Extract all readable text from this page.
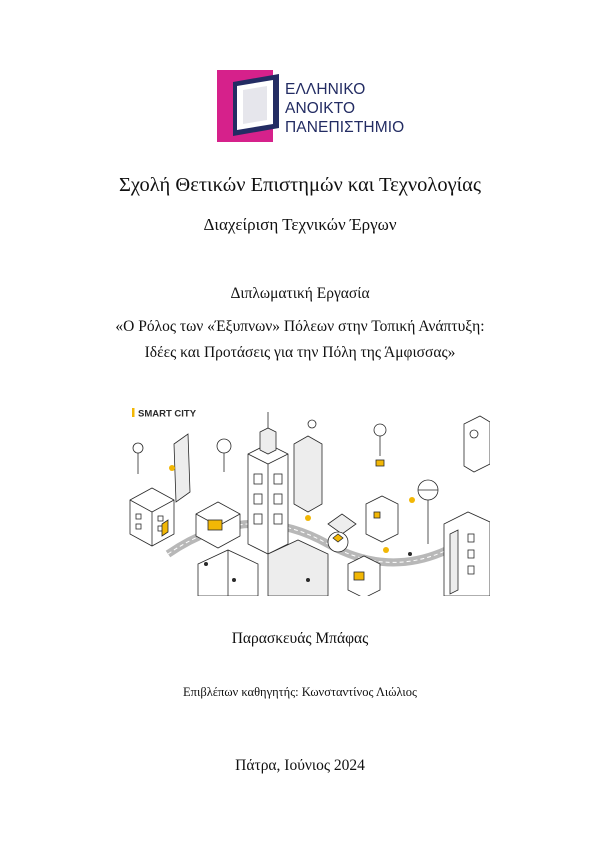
ΕΛΛΗΝΙΚΟ
ΑΝΟΙΚΤΟ
ΠΑΝΕΠΙΣΤΗΜΙΟ
Σχολή Θετικών Επιστημών και Τεχνολογίας
Διαχείριση Τεχνικών Έργων
Διπλωματική Εργασία
«Ο Ρόλος των «Έξυπνων» Πόλεων στην Τοπική Ανάπτυξη:
Ιδέες και Προτάσεις για την Πόλη της Άμφισσας»
SMART CITY
Παρασκευάς Μπάφας
Επιβλέπων καθηγητής: Κωνσταντίνος Λιώλιος
Πάτρα, Ιούνιος 2024
